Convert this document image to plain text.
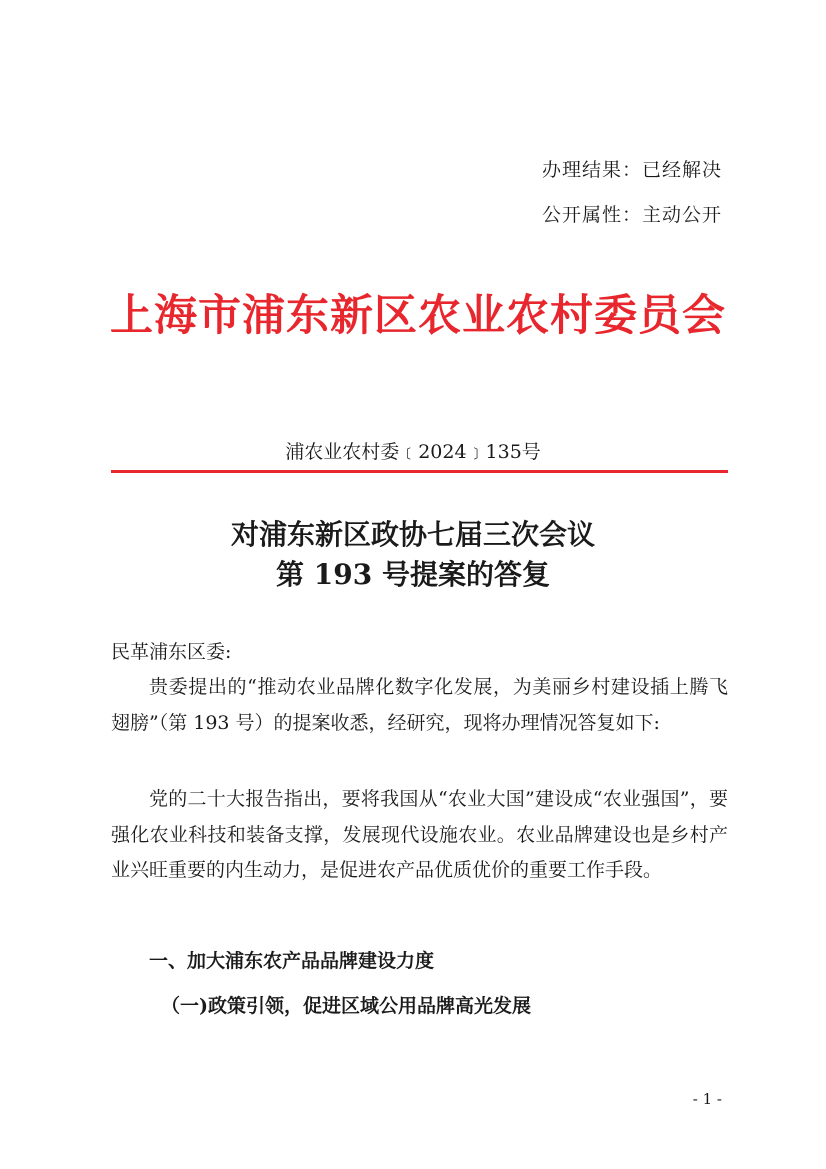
办理结果：已经解决
公开属性：主动公开
上海市浦东新区农业农村委员会
浦农业农村委﹝2024﹞135号
对浦东新区政协七届三次会议
第 193 号提案的答复
民革浦东区委:
贵委提出的“推动农业品牌化数字化发展，为美丽乡村建设插上腾飞翅膀”（第 193 号）的提案收悉，经研究，现将办理情况答复如下:
党的二十大报告指出，要将我国从“农业大国”建设成“农业强国”，要强化农业科技和装备支撑，发展现代设施农业。农业品牌建设也是乡村产业兴旺重要的内生动力，是促进农产品优质优价的重要工作手段。
一、加大浦东农产品品牌建设力度
（一)政策引领，促进区域公用品牌高光发展
- 1 -
